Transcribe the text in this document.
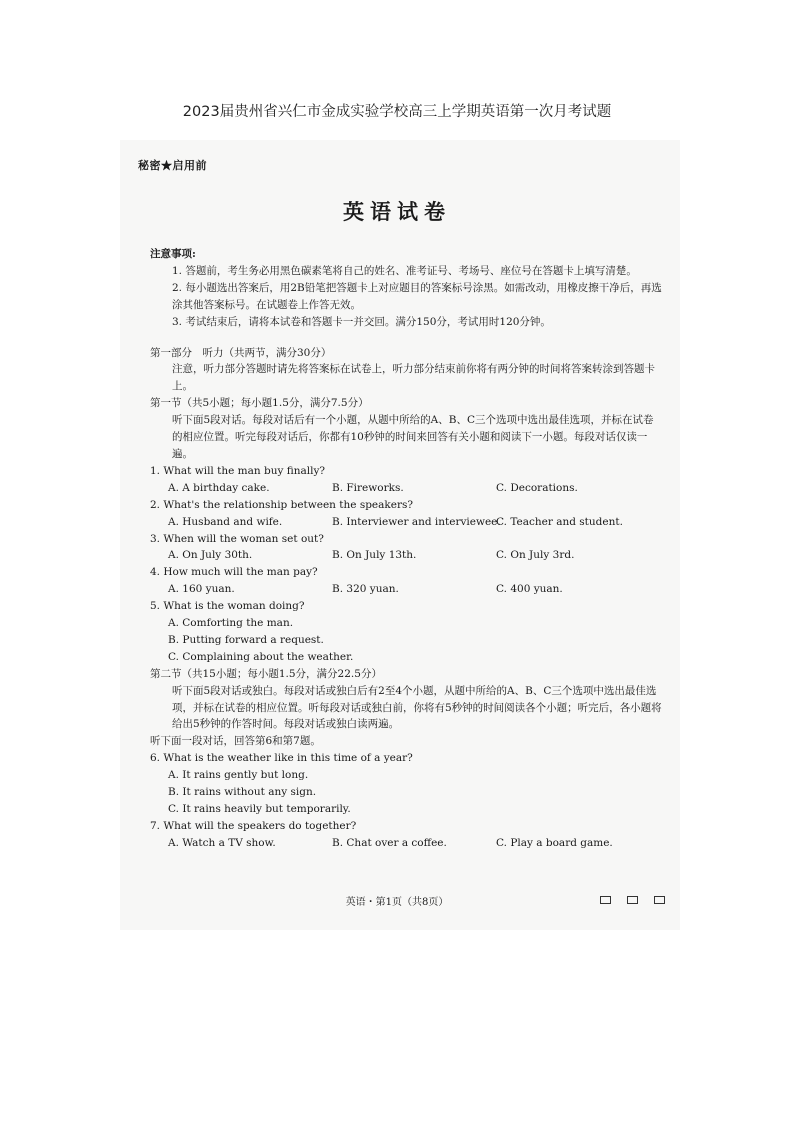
2023届贵州省兴仁市金成实验学校高三上学期英语第一次月考试题
秘密★启用前
英语试卷
注意事项:
1. 答题前，考生务必用黑色碳素笔将自己的姓名、准考证号、考场号、座位号在答题卡上填写清楚。
2. 每小题选出答案后，用2B铅笔把答题卡上对应题目的答案标号涂黑。如需改动，用橡皮擦干净后，再选涂其他答案标号。在试题卷上作答无效。
3. 考试结束后，请将本试卷和答题卡一并交回。满分150分，考试用时120分钟。
第一部分　听力（共两节，满分30分）
注意，听力部分答题时请先将答案标在试卷上，听力部分结束前你将有两分钟的时间将答案转涂到答题卡上。
第一节（共5小题；每小题1.5分，满分7.5分）
听下面5段对话。每段对话后有一个小题，从题中所给的A、B、C三个选项中选出最佳选项，并标在试卷的相应位置。听完每段对话后，你都有10秒钟的时间来回答有关小题和阅读下一小题。每段对话仅读一遍。
1. What will the man buy finally?
A. A birthday cake.	B. Fireworks.	C. Decorations.
2. What's the relationship between the speakers?
A. Husband and wife.	B. Interviewer and interviewee.
C. Teacher and student.
3. When will the woman set out?
A. On July 30th.	B. On July 13th.	C. On July 3rd.
4. How much will the man pay?
A. 160 yuan.	B. 320 yuan.	C. 400 yuan.
5. What is the woman doing?
A. Comforting the man.
B. Putting forward a request.
C. Complaining about the weather.
第二节（共15小题；每小题1.5分，满分22.5分）
听下面5段对话或独白。每段对话或独白后有2至4个小题，从题中所给的A、B、C三个选项中选出最佳选项，并标在试卷的相应位置。听每段对话或独白前，你将有5秒钟的时间阅读各个小题；听完后，各小题将给出5秒钟的作答时间。每段对话或独白读两遍。
听下面一段对话，回答第6和第7题。
6. What is the weather like in this time of a year?
A. It rains gently but long.
B. It rains without any sign.
C. It rains heavily but temporarily.
7. What will the speakers do together?
A. Watch a TV show.	B. Chat over a coffee.	C. Play a board game.
英语・第1页（共8页）
